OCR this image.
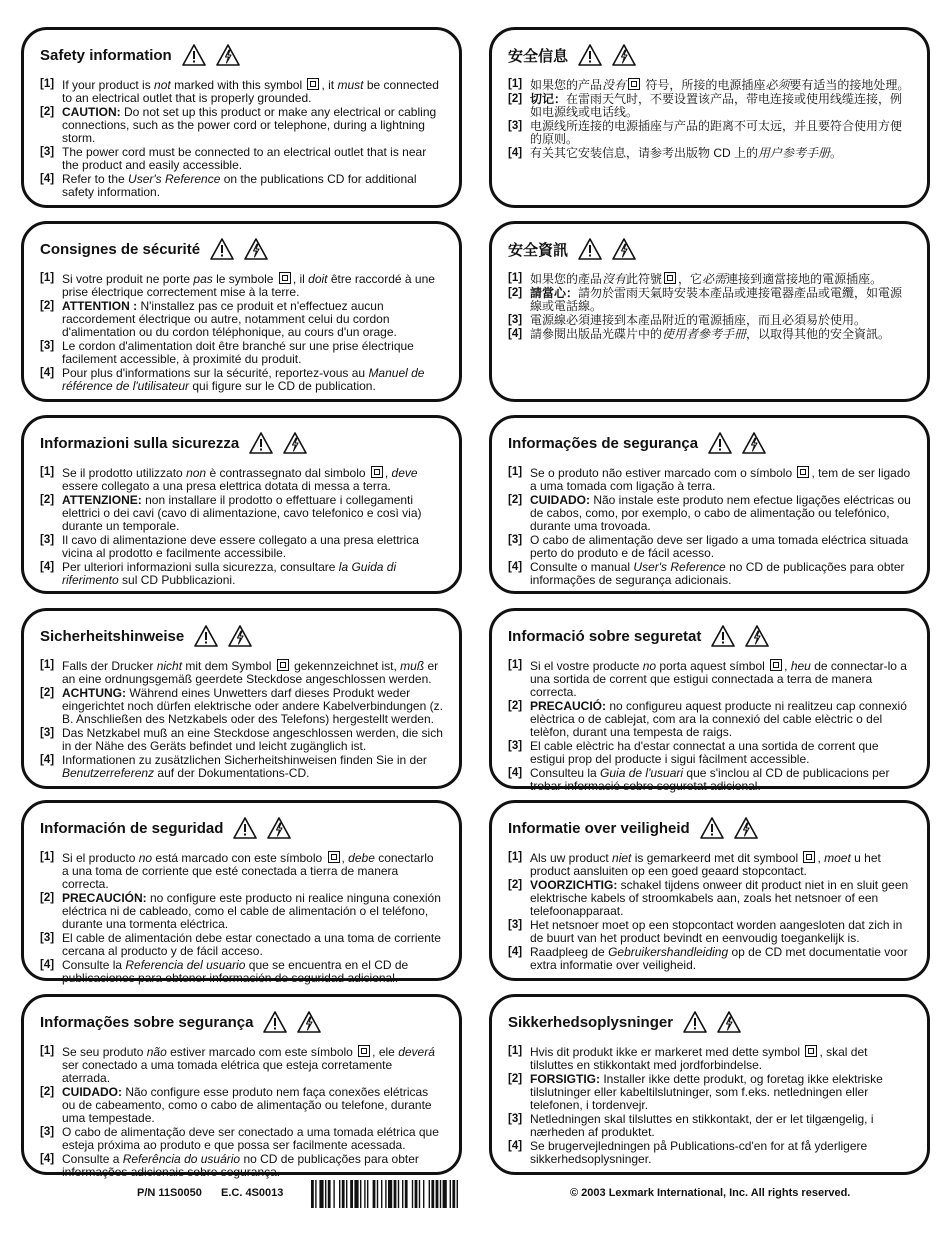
Safety information
[1] If your product is not marked with this symbol , it must be connected to an electrical outlet that is properly grounded.
[2] CAUTION: Do not set up this product or make any electrical or cabling connections, such as the power cord or telephone, during a lightning storm.
[3] The power cord must be connected to an electrical outlet that is near the product and easily accessible.
[4] Refer to the User's Reference on the publications CD for additional safety information.
安全信息
[1] 如果您的产品没有 符号，所接的电源插座必须要有适当的接地处理。
[2] 切记：在雷雨天气时，不要设置该产品，带电连接或使用线缆连接，例如电源线或电话线。
[3] 电源线所连接的电源插座与产品的距离不可太远，并且要符合使用方便的原则。
[4] 有关其它安装信息，请参考出版物 CD 上的用户参考手册。
Consignes de sécurité
[1] Si votre produit ne porte pas le symbole , il doit être raccordé à une prise électrique correctement mise à la terre.
[2] ATTENTION : N'installez pas ce produit et n'effectuez aucun raccordement électrique ou autre, notamment celui du cordon d'alimentation ou du cordon téléphonique, au cours d'un orage.
[3] Le cordon d'alimentation doit être branché sur une prise électrique facilement accessible, à proximité du produit.
[4] Pour plus d'informations sur la sécurité, reportez-vous au Manuel de référence de l'utilisateur qui figure sur le CD de publication.
安全資訊
[1] 如果您的產品沒有此符號 ，它必需連接到適當接地的電源插座。
[2] 請當心：請勿於雷雨天氣時安裝本產品或連接電器產品或電纜，如電源線或電話線。
[3] 電源線必須連接到本產品附近的電源插座，而且必須易於使用。
[4] 請參閱出版品光碟片中的使用者參考手冊，以取得其他的安全資訊。
Informazioni sulla sicurezza
[1] Se il prodotto utilizzato non è contrassegnato dal simbolo , deve essere collegato a una presa elettrica dotata di messa a terra.
[2] ATTENZIONE: non installare il prodotto o effettuare i collegamenti elettrici o dei cavi (cavo di alimentazione, cavo telefonico e così via) durante un temporale.
[3] Il cavo di alimentazione deve essere collegato a una presa elettrica vicina al prodotto e facilmente accessibile.
[4] Per ulteriori informazioni sulla sicurezza, consultare la Guida di riferimento sul CD Pubblicazioni.
Informações de segurança
[1] Se o produto não estiver marcado com o símbolo , tem de ser ligado a uma tomada com ligação à terra.
[2] CUIDADO: Não instale este produto nem efectue ligações eléctricas ou de cabos, como, por exemplo, o cabo de alimentação ou telefónico, durante uma trovoada.
[3] O cabo de alimentação deve ser ligado a uma tomada eléctrica situada perto do produto e de fácil acesso.
[4] Consulte o manual User's Reference no CD de publicações para obter informações de segurança adicionais.
Sicherheitshinweise
[1] Falls der Drucker nicht mit dem Symbol  gekennzeichnet ist, muß er an eine ordnungsgemäß geerdete Steckdose angeschlossen werden.
[2] ACHTUNG: Während eines Unwetters darf dieses Produkt weder eingerichtet noch dürfen elektrische oder andere Kabelverbindungen (z. B. Anschließen des Netzkabels oder des Telefons) hergestellt werden.
[3] Das Netzkabel muß an eine Steckdose angeschlossen werden, die sich in der Nähe des Geräts befindet und leicht zugänglich ist.
[4] Informationen zu zusätzlichen Sicherheitshinweisen finden Sie in der Benutzerreferenz auf der Dokumentations-CD.
Informació sobre seguretat
[1] Si el vostre producte no porta aquest símbol , heu de connectar-lo a una sortida de corrent que estigui connectada a terra de manera correcta.
[2] PRECAUCIÓ: no configureu aquest producte ni realitzeu cap connexió elèctrica o de cablejat, com ara la connexió del cable elèctric o del telèfon, durant una tempesta de raigs.
[3] El cable elèctric ha d'estar connectat a una sortida de corrent que estigui prop del producte i sigui fàcilment accessible.
[4] Consulteu la Guia de l'usuari que s'inclou al CD de publicacions per trobar informació sobre seguretat adicional.
Información de seguridad
[1] Si el producto no está marcado con este símbolo , debe conectarlo a una toma de corriente que esté conectada a tierra de manera correcta.
[2] PRECAUCIÓN: no configure este producto ni realice ninguna conexión eléctrica ni de cableado, como el cable de alimentación o el teléfono, durante una tormenta eléctrica.
[3] El cable de alimentación debe estar conectado a una toma de corriente cercana al producto y de fácil acceso.
[4] Consulte la Referencia del usuario que se encuentra en el CD de publicaciones para obtener información de seguridad adicional.
Informatie over veiligheid
[1] Als uw product niet is gemarkeerd met dit symbool , moet u het product aansluiten op een goed geaard stopcontact.
[2] VOORZICHTIG: schakel tijdens onweer dit product niet in en sluit geen elektrische kabels of stroomkabels aan, zoals het netsnoer of een telefoonapparaat.
[3] Het netsnoer moet op een stopcontact worden aangesloten dat zich in de buurt van het product bevindt en eenvoudig toegankelijk is.
[4] Raadpleeg de Gebruikershandleiding op de CD met documentatie voor extra informatie over veiligheid.
Informações sobre segurança
[1] Se seu produto não estiver marcado com este símbolo , ele deverá ser conectado a uma tomada elétrica que esteja corretamente aterrada.
[2] CUIDADO: Não configure esse produto nem faça conexões elétricas ou de cabeamento, como o cabo de alimentação ou telefone, durante uma tempestade.
[3] O cabo de alimentação deve ser conectado a uma tomada elétrica que esteja próxima ao produto e que possa ser facilmente acessada.
[4] Consulte a Referência do usuário no CD de publicações para obter informações adicionais sobre segurança.
Sikkerhedsoplysninger
[1] Hvis dit produkt ikke er markeret med dette symbol , skal det tilsluttes en stikkontakt med jordforbindelse.
[2] FORSIGTIG: Installer ikke dette produkt, og foretag ikke elektriske tilslutninger eller kabeltilslutninger, som f.eks. netledningen eller telefonen, i tordenvejr.
[3] Netledningen skal tilsluttes en stikkontakt, der er let tilgængelig, i nærheden af produktet.
[4] Se brugervejledningen på Publications-cd'en for at få yderligere sikkerhedsoplysninger.
P/N 11S0050 E.C. 4S0013	© 2003 Lexmark International, Inc. All rights reserved.
